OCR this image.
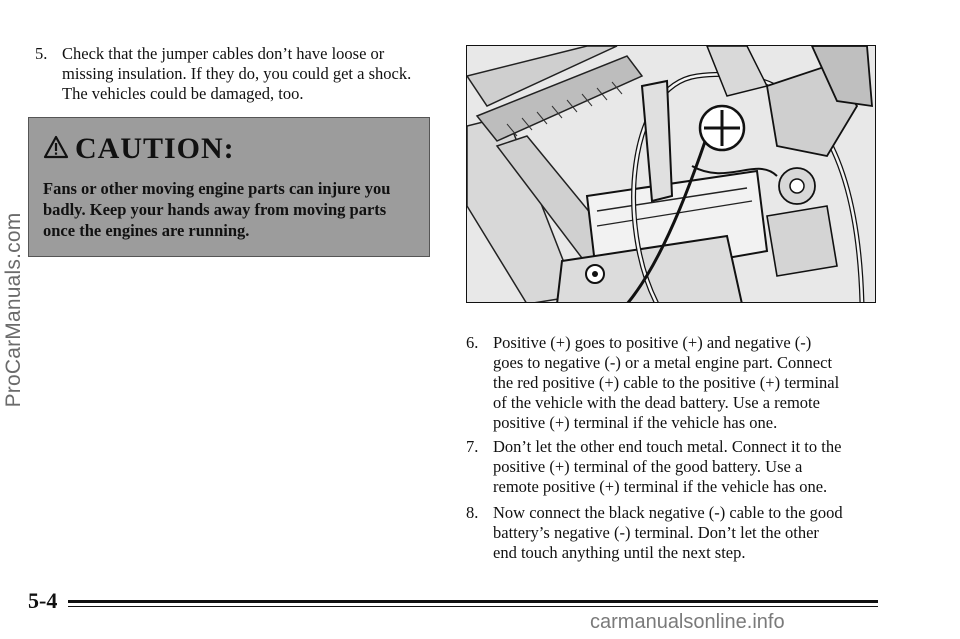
ProCarManuals.com
5. Check that the jumper cables don’t have loose or
missing insulation. If they do, you could get a shock.
The vehicles could be damaged, too.
CAUTION:
Fans or other moving engine parts can injure you
badly. Keep your hands away from moving parts
once the engines are running.
6. Positive (+) goes to positive (+) and negative (-)
goes to negative (-) or a metal engine part. Connect
the red positive (+) cable to the positive (+) terminal
of the vehicle with the dead battery. Use a remote
positive (+) terminal if the vehicle has one.
7. Don’t let the other end touch metal. Connect it to the
positive (+) terminal of the good battery. Use a
remote positive (+) terminal if the vehicle has one.
8. Now connect the black negative (-) cable to the good
battery’s negative (-) terminal. Don’t let the other
end touch anything until the next step.
5-4
carmanualsonline.info
